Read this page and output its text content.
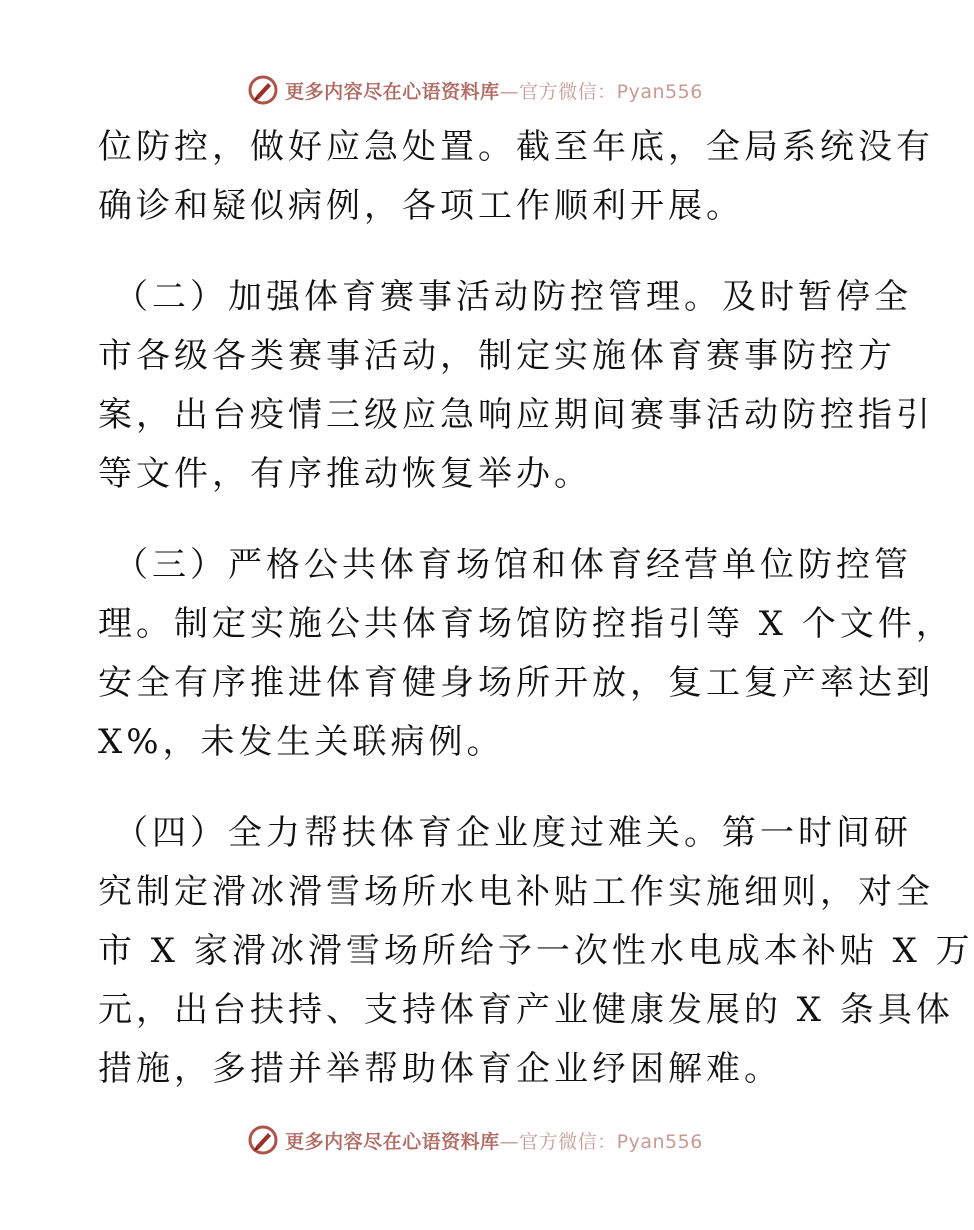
更多内容尽在心语资料库—官方微信：Pyan556
位防控，做好应急处置。截至年底，全局系统没有
确诊和疑似病例，各项工作顺利开展。
（二）加强体育赛事活动防控管理。及时暂停全
市各级各类赛事活动，制定实施体育赛事防控方
案，出台疫情三级应急响应期间赛事活动防控指引
等文件，有序推动恢复举办。
（三）严格公共体育场馆和体育经营单位防控管
理。制定实施公共体育场馆防控指引等 X 个文件，
安全有序推进体育健身场所开放，复工复产率达到
X%，未发生关联病例。
（四）全力帮扶体育企业度过难关。第一时间研
究制定滑冰滑雪场所水电补贴工作实施细则，对全
市 X 家滑冰滑雪场所给予一次性水电成本补贴 X 万
元，出台扶持、支持体育产业健康发展的 X 条具体
措施，多措并举帮助体育企业纾困解难。
更多内容尽在心语资料库—官方微信：Pyan556
